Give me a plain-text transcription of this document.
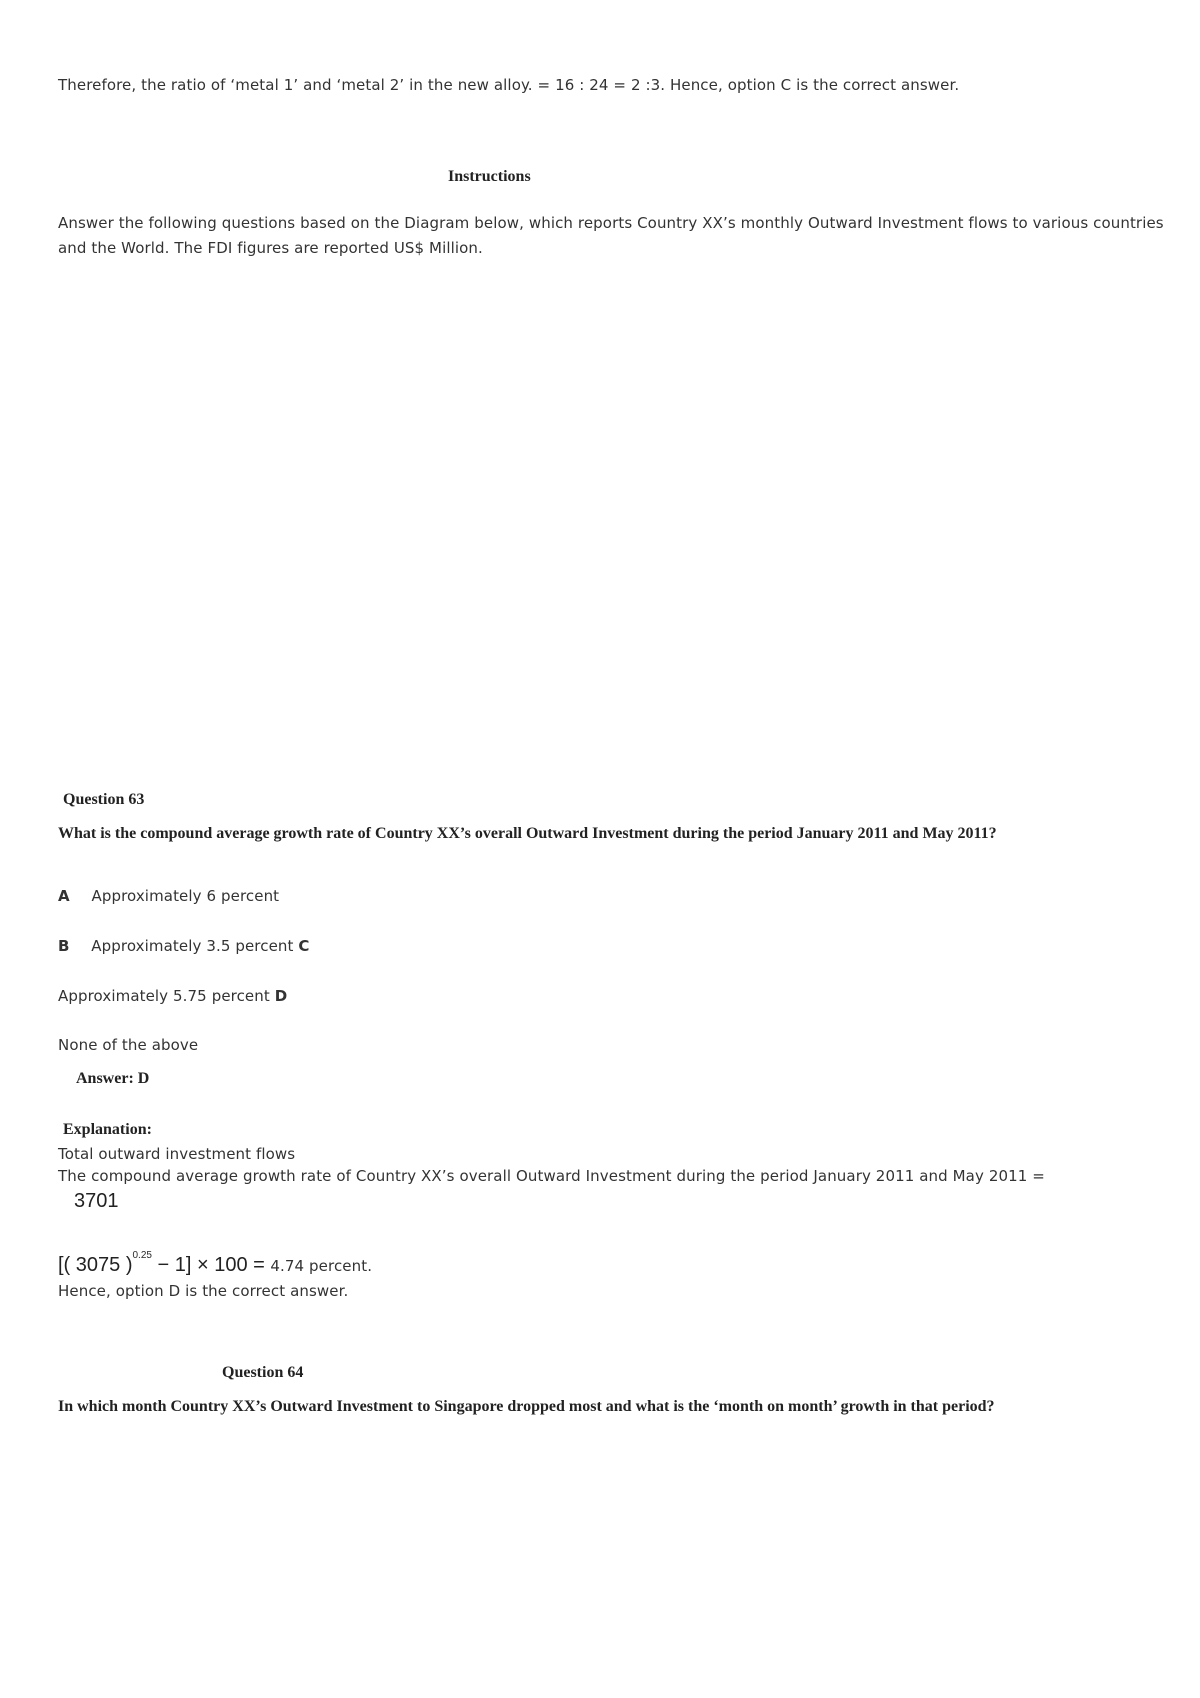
Therefore, the ratio of ‘metal 1’ and ‘metal 2’ in the new alloy. = 16 : 24 = 2 :3. Hence, option C is the correct answer.

Instructions

Answer the following questions based on the Diagram below, which reports Country XX’s monthly Outward Investment flows to various countries

and the World. The FDI figures are reported US$ Million.

Question 63

What is the compound average growth rate of Country XX’s overall Outward Investment during the period January 2011 and May 2011?

A Approximately 6 percent

B Approximately 3.5 percent C

Approximately 5.75 percent D

None of the above

Answer: D

Explanation:

Total outward investment flows

The compound average growth rate of Country XX’s overall Outward Investment during the period January 2011 and May 2011 =

3701

[( 3075 )$^{0.25}$ − 1] × 100 = 4.74 percent.

Hence, option D is the correct answer.

Question 64

In which month Country XX’s Outward Investment to Singapore dropped most and what is the ‘month on month’ growth in that period?
